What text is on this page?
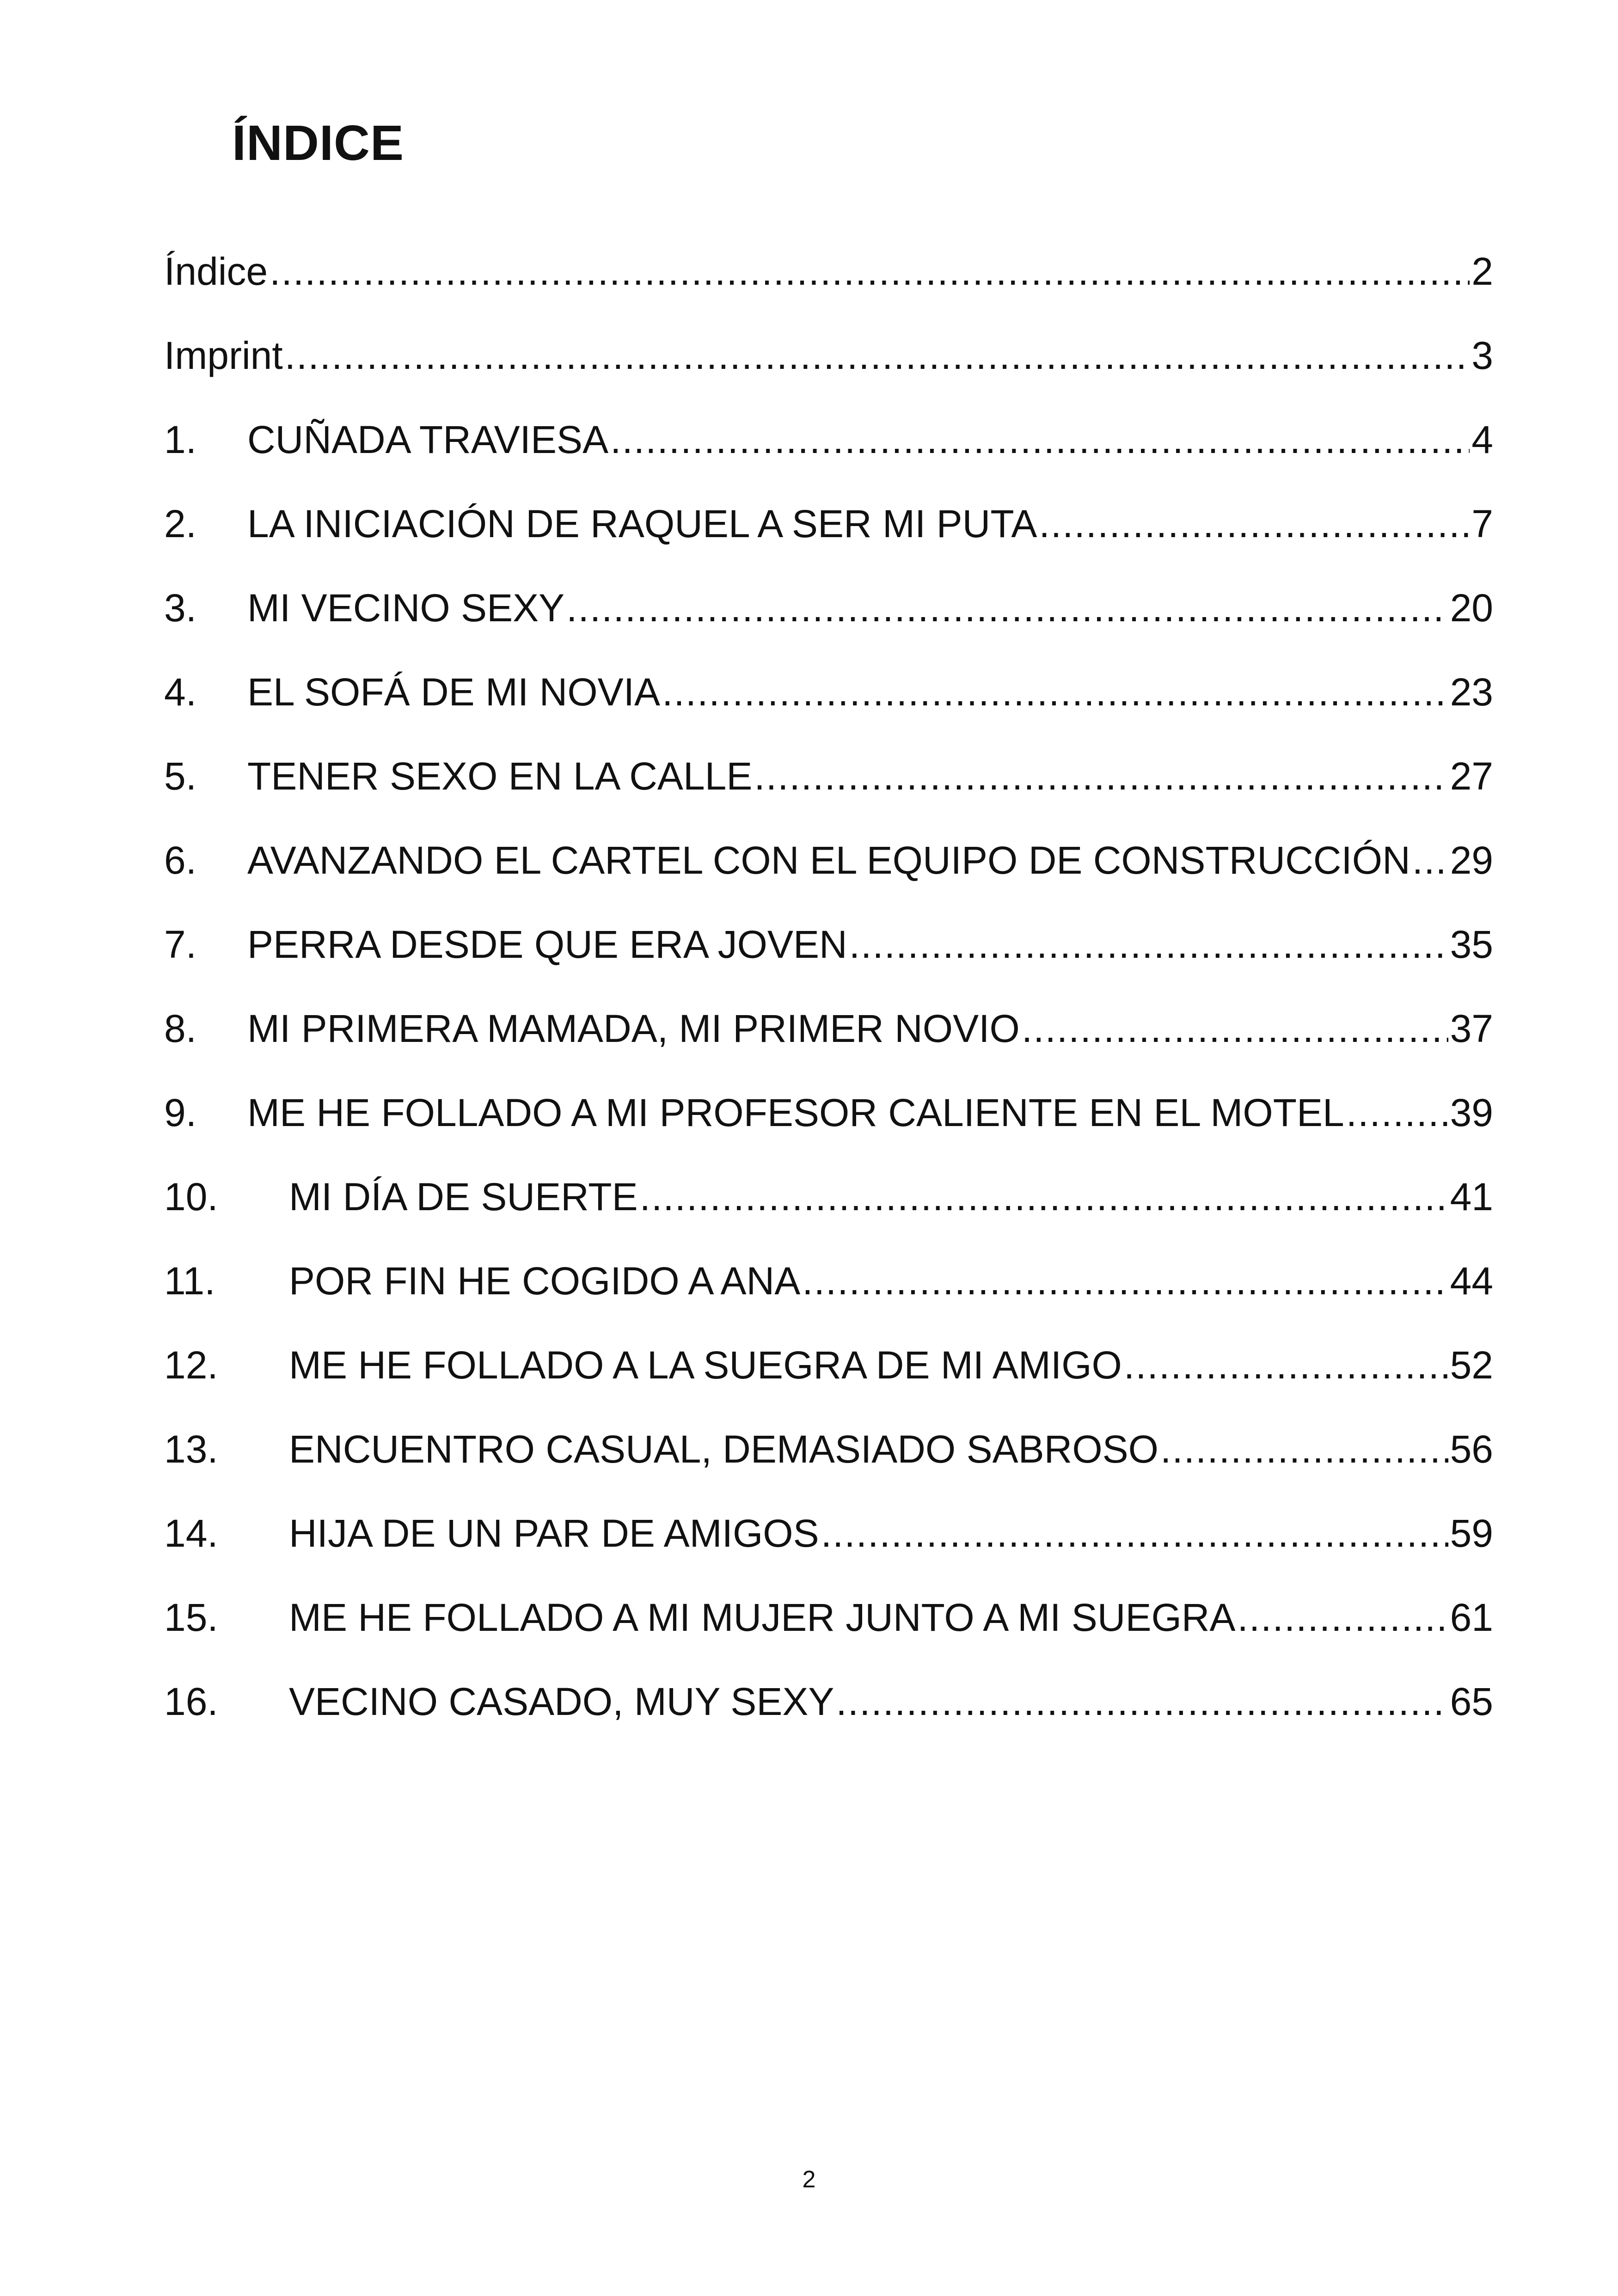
ÍNDICE
Índice .....	2
Imprint .....	3
1.	CUÑADA TRAVIESA .....	4
2.	LA INICIACIÓN DE RAQUEL A SER MI PUTA .....	7
3.	MI VECINO SEXY .....	20
4.	EL SOFÁ DE MI NOVIA .....	23
5.	TENER SEXO EN LA CALLE .....	27
6.	AVANZANDO EL CARTEL CON EL EQUIPO DE CONSTRUCCIÓN ..... 29
7.	PERRA DESDE QUE ERA JOVEN .....	35
8.	MI PRIMERA MAMADA, MI PRIMER NOVIO .....	37
9.	ME HE FOLLADO A MI PROFESOR CALIENTE EN EL MOTEL .....	39
10.	MI DÍA DE SUERTE .....	41
11.	POR FIN HE COGIDO A ANA .....	44
12.	ME HE FOLLADO A LA SUEGRA DE MI AMIGO .....	52
13.	ENCUENTRO CASUAL, DEMASIADO SABROSO .....	56
14.	HIJA DE UN PAR DE AMIGOS .....	59
15.	ME HE FOLLADO A MI MUJER JUNTO A MI SUEGRA .....	61
16.	VECINO CASADO, MUY SEXY .....	65
2
